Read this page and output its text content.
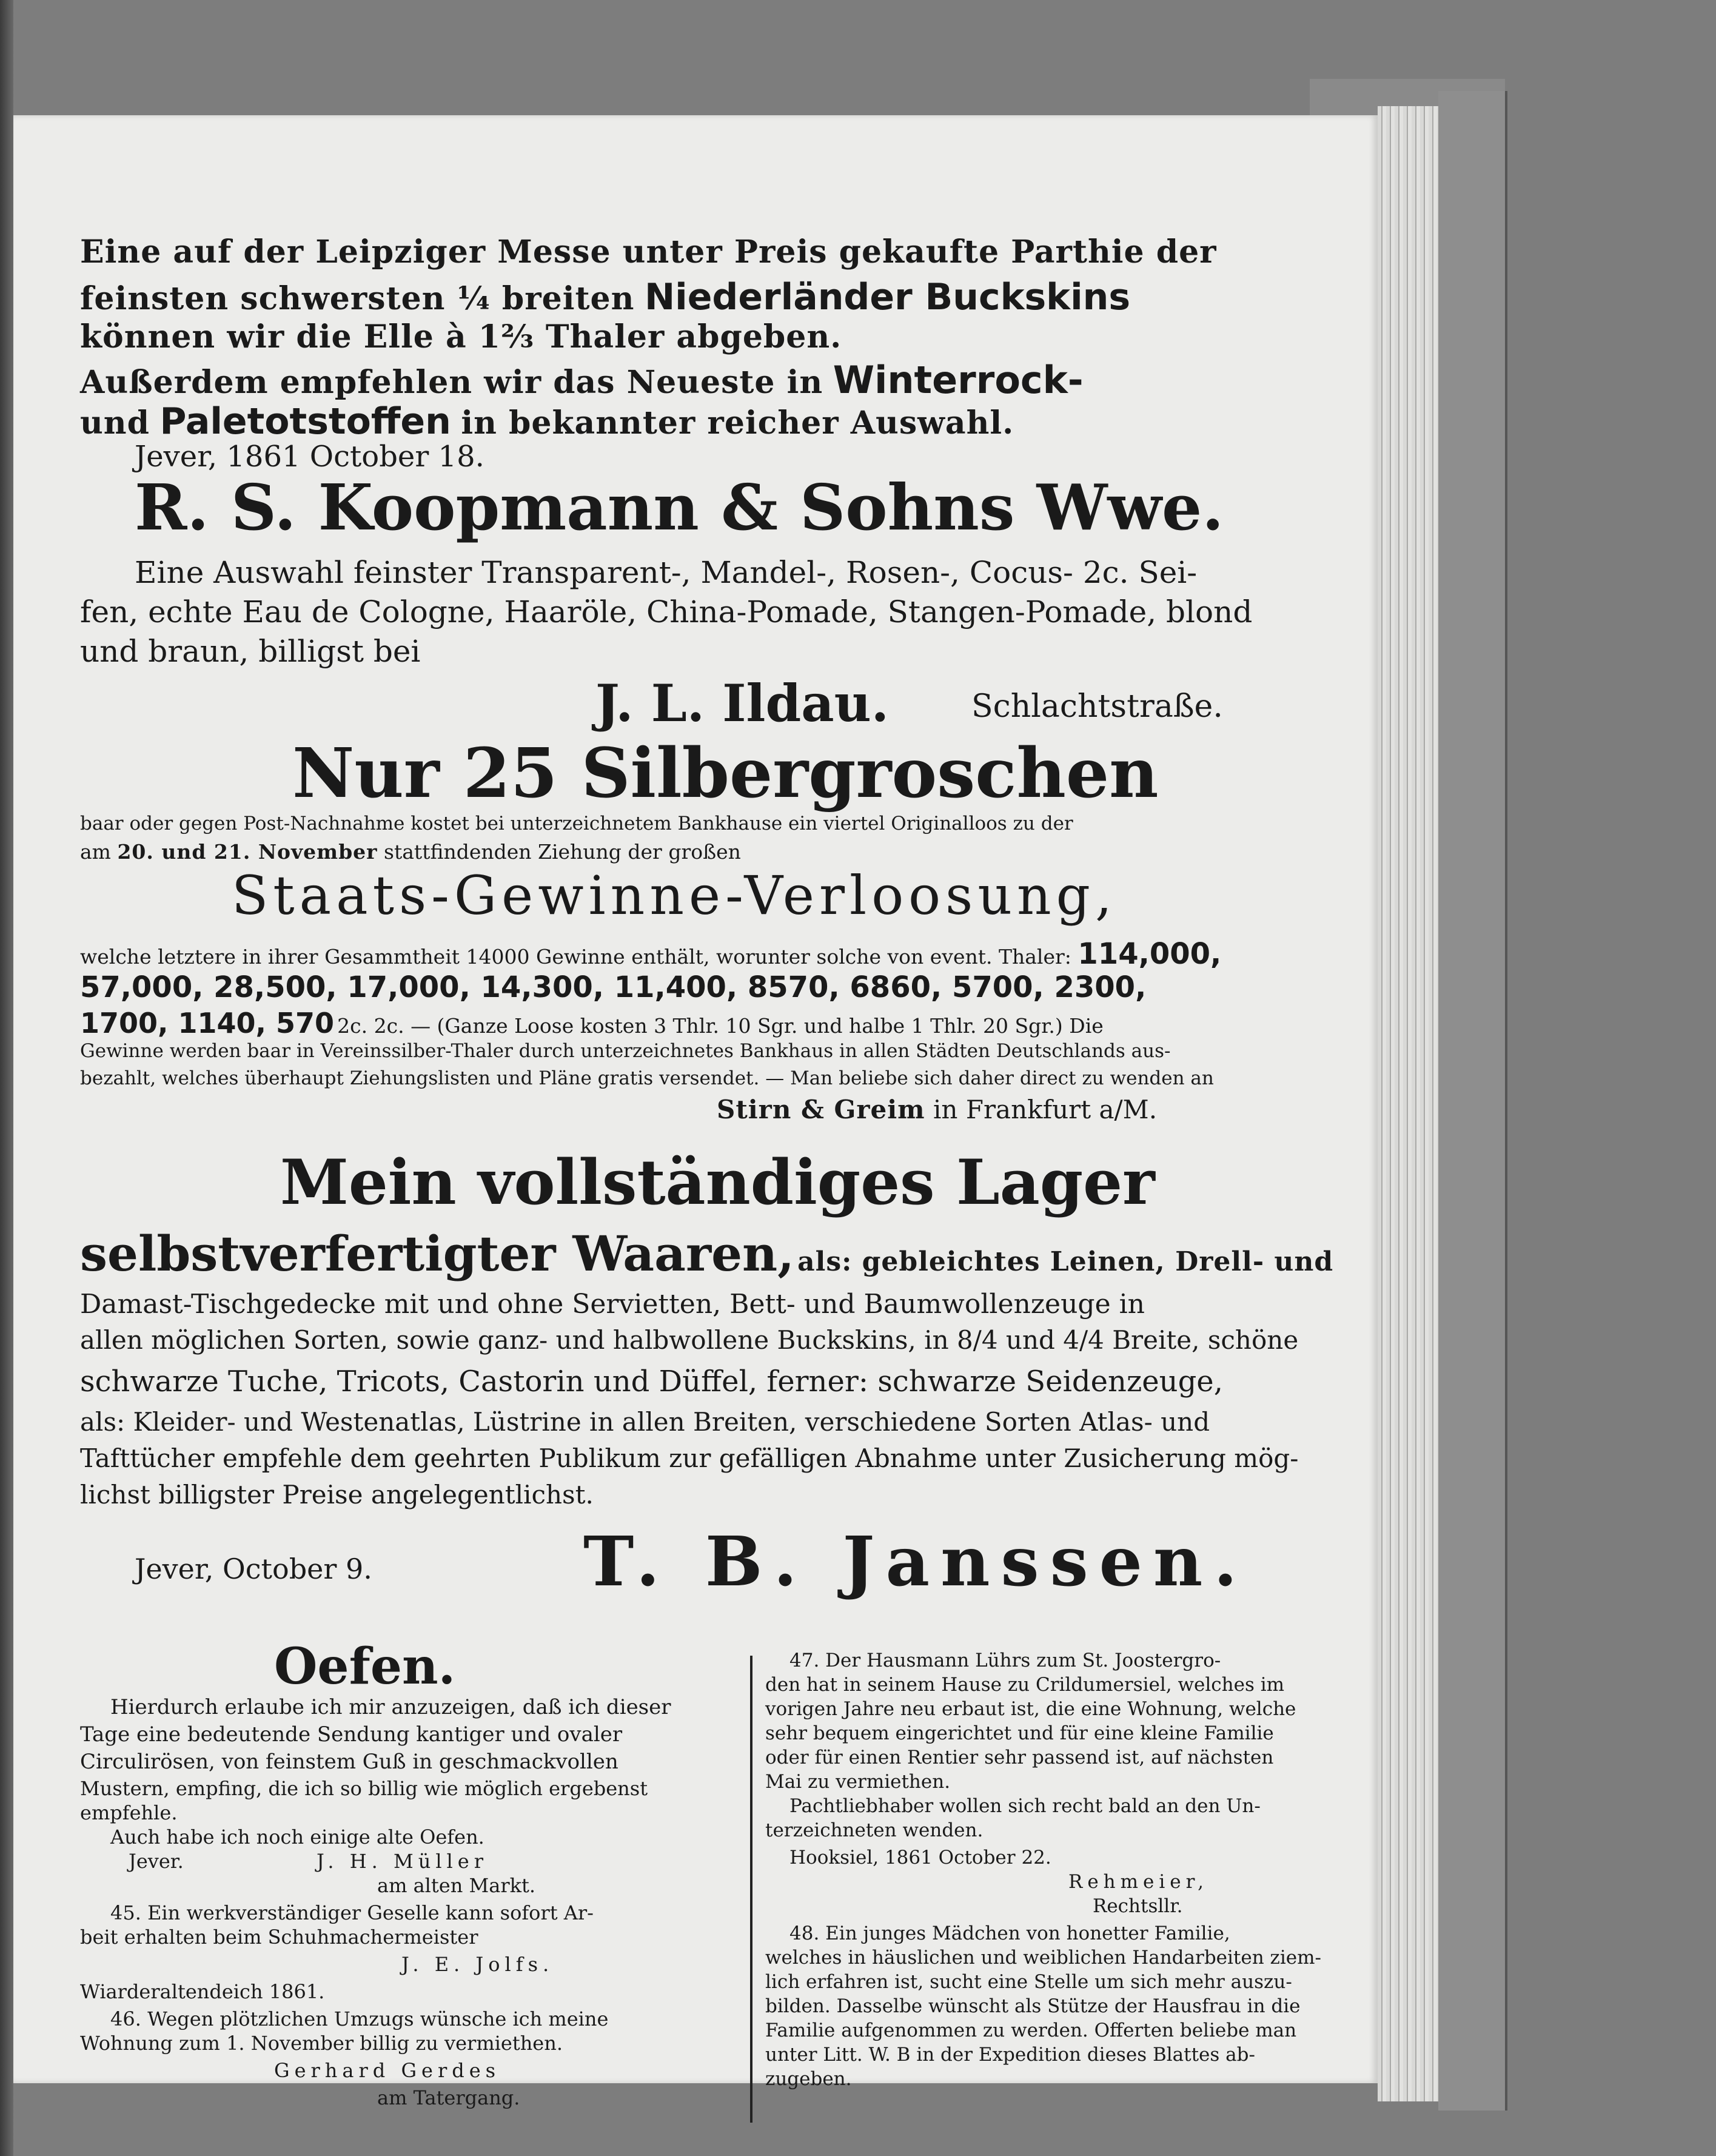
Eine auf der Leipziger Messe unter Preis gekaufte Parthie der
feinsten schwersten ¼ breiten Niederländer Buckskins
können wir die Elle à 1⅔ Thaler abgeben.
Außerdem empfehlen wir das Neueste in Winterrock-
und Paletotstoffen in bekannter reicher Auswahl.
Jever, 1861 October 18.
R. S. Koopmann & Sohns Wwe.
Eine Auswahl feinster Transparent-, Mandel-, Rosen-, Cocus- 2c. Sei-
fen, echte Eau de Cologne, Haaröle, China-Pomade, Stangen-Pomade, blond
und braun, billigst bei
J. L. Ildau.	Schlachtstraße.
Nur 25 Silbergroschen
baar oder gegen Post-Nachnahme kostet bei unterzeichnetem Bankhause ein viertel Originalloos zu der
am 20. und 21. November stattfindenden Ziehung der großen
Staats-Gewinne-Verloosung,
welche letztere in ihrer Gesammtheit 14000 Gewinne enthält, worunter solche von event. Thaler: 114,000,
57,000, 28,500, 17,000, 14,300, 11,400, 8570, 6860, 5700, 2300,
1700, 1140, 570 2c. 2c. — (Ganze Loose kosten 3 Thlr. 10 Sgr. und halbe 1 Thlr. 20 Sgr.) Die
Gewinne werden baar in Vereinssilber-Thaler durch unterzeichnetes Bankhaus in allen Städten Deutschlands aus-
bezahlt, welches überhaupt Ziehungslisten und Pläne gratis versendet. — Man beliebe sich daher direct zu wenden an
Stirn & Greim in Frankfurt a/M.
Mein vollständiges Lager
selbstverfertigter Waaren, als: gebleichtes Leinen, Drell- und
Damast-Tischgedecke mit und ohne Servietten, Bett- und Baumwollenzeuge in
allen möglichen Sorten, sowie ganz- und halbwollene Buckskins, in 8/4 und 4/4 Breite, schöne
schwarze Tuche, Tricots, Castorin und Düffel, ferner: schwarze Seidenzeuge,
als: Kleider- und Westenatlas, Lüstrine in allen Breiten, verschiedene Sorten Atlas- und
Tafttücher empfehle dem geehrten Publikum zur gefälligen Abnahme unter Zusicherung mög-
lichst billigster Preise angelegentlichst.
Jever, October 9.	T. B. Janssen.
Oefen.
Hierdurch erlaube ich mir anzuzeigen, daß ich dieser
Tage eine bedeutende Sendung kantiger und ovaler
Circulirösen, von feinstem Guß in geschmackvollen
Mustern, empfing, die ich so billig wie möglich ergebenst
empfehle.
Auch habe ich noch einige alte Oefen.
Jever.	J. H. Müller
am alten Markt.
45. Ein werkverständiger Geselle kann sofort Ar-
beit erhalten beim Schuhmachermeister
J. E. Jolfs.
Wiarderaltendeich 1861.
46. Wegen plötzlichen Umzugs wünsche ich meine
Wohnung zum 1. November billig zu vermiethen.
Gerhard Gerdes
am Tatergang.
47. Der Hausmann Lührs zum St. Joostergro-
den hat in seinem Hause zu Crildumersiel, welches im
vorigen Jahre neu erbaut ist, die eine Wohnung, welche
sehr bequem eingerichtet und für eine kleine Familie
oder für einen Rentier sehr passend ist, auf nächsten
Mai zu vermiethen.
Pachtliebhaber wollen sich recht bald an den Un-
terzeichneten wenden.
Hooksiel, 1861 October 22.
Rehmeier,
Rechtsllr.
48. Ein junges Mädchen von honetter Familie,
welches in häuslichen und weiblichen Handarbeiten ziem-
lich erfahren ist, sucht eine Stelle um sich mehr auszu-
bilden. Dasselbe wünscht als Stütze der Hausfrau in die
Familie aufgenommen zu werden. Offerten beliebe man
unter Litt. W. B in der Expedition dieses Blattes ab-
zugeben.
